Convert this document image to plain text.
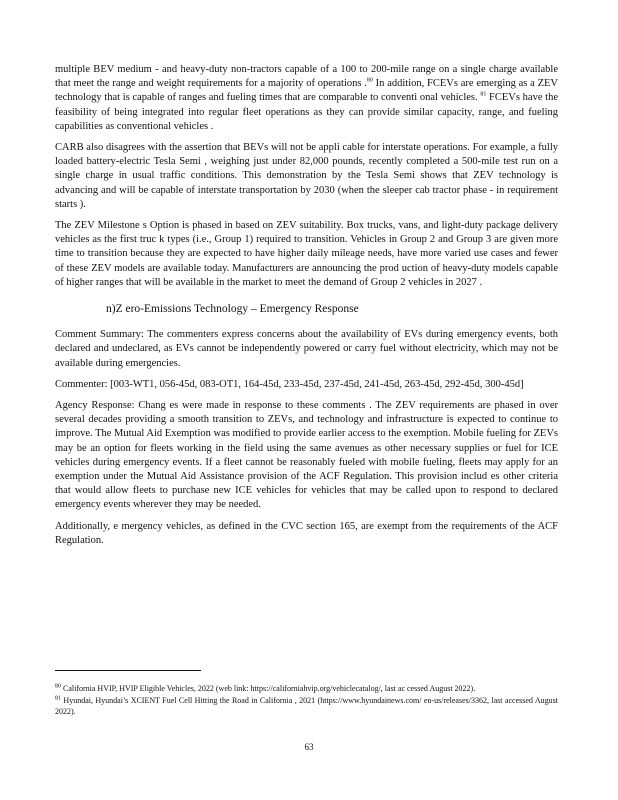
multiple BEV medium - and heavy-duty non-tractors capable of a 100 to 200-mile range on a single charge available that meet the range and weight requirements for a majority of operations .$^{80}$ In addition, FCEVs are emerging as a ZEV technology that is capable of ranges and fueling times that are comparable to conventi onal vehicles. $^{81}$ FCEVs have the feasibility of being integrated into regular fleet operations as they can provide similar capacity, range, and fueling capabilities as conventional vehicles .

CARB also disagrees with the assertion that BEVs will not be appli cable for interstate operations. For example, a fully loaded battery-electric Tesla Semi , weighing just under 82,000 pounds, recently completed a 500-mile test run on a single charge in usual traffic conditions. This demonstration by the Tesla Semi shows that ZEV technology is advancing and will be capable of interstate transportation by 2030 (when the sleeper cab tractor phase - in requirement starts ).

The ZEV Milestone s Option is phased in based on ZEV suitability. Box trucks, vans, and light-duty package delivery vehicles as the first truc k types (i.e., Group 1) required to transition. Vehicles in Group 2 and Group 3 are given more time to transition because they are expected to have higher daily mileage needs, have more varied use cases and fewer of these ZEV models are available today. Manufacturers are announcing the prod uction of heavy-duty models capable of higher ranges that will be available in the market to meet the demand of Group 2 vehicles in 2027 .

n)Z ero-Emissions Technology – Emergency Response

Comment Summary: The commenters express concerns about the availability of EVs during emergency events, both declared and undeclared, as EVs cannot be independently powered or carry fuel without electricity, which may not be available during emergencies.

Commenter: [003-WT1, 056-45d, 083-OT1, 164-45d, 233-45d, 237-45d, 241-45d, 263-45d, 292-45d, 300-45d]

Agency Response: Chang es were made in response to these comments . The ZEV requirements are phased in over several decades providing a smooth transition to ZEVs, and technology and infrastructure is expected to continue to improve. The Mutual Aid Exemption was modified to provide earlier access to the exemption. Mobile fueling for ZEVs may be an option for fleets working in the field using the same avenues as other necessary supplies or fuel for ICE vehicles during emergency events. If a fleet cannot be reasonably fueled with mobile fueling, fleets may apply for an exemption under the Mutual Aid Assistance provision of the ACF Regulation. This provision includ es other criteria that would allow fleets to purchase new ICE vehicles for vehicles that may be called upon to respond to declared emergency events wherever they may be needed.

Additionally, e mergency vehicles, as defined in the CVC section 165, are exempt from the requirements of the ACF Regulation.

$^{80}$ California HVIP, HVIP Eligible Vehicles, 2022 (web link: https://californiahvip.org/vehiclecatalog/, last ac cessed August 2022).

$^{81}$ Hyundai, Hyundai’s XCIENT Fuel Cell Hitting the Road in California , 2021 (https://www.hyundainews.com/ en-us/releases/3362, last accessed August 2022).

63
